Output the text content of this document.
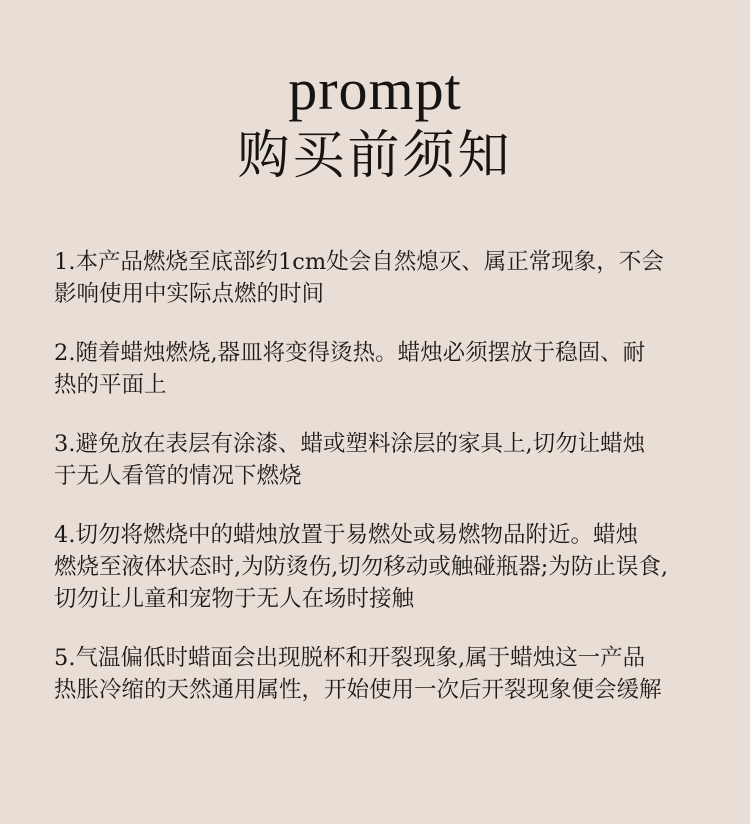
prompt
购买前须知
1.本产品燃烧至底部约1cm处会自然熄灭、属正常现象，不会
影响使用中实际点燃的时间
2.随着蜡烛燃烧,器皿将变得烫热。蜡烛必须摆放于稳固、耐
热的平面上
3.避免放在表层有涂漆、蜡或塑料涂层的家具上,切勿让蜡烛
于无人看管的情况下燃烧
4.切勿将燃烧中的蜡烛放置于易燃处或易燃物品附近。蜡烛
燃烧至液体状态时,为防烫伤,切勿移动或触碰瓶器;为防止误食,
切勿让儿童和宠物于无人在场时接触
5.气温偏低时蜡面会出现脱杯和开裂现象,属于蜡烛这一产品
热胀冷缩的天然通用属性，开始使用一次后开裂现象便会缓解
